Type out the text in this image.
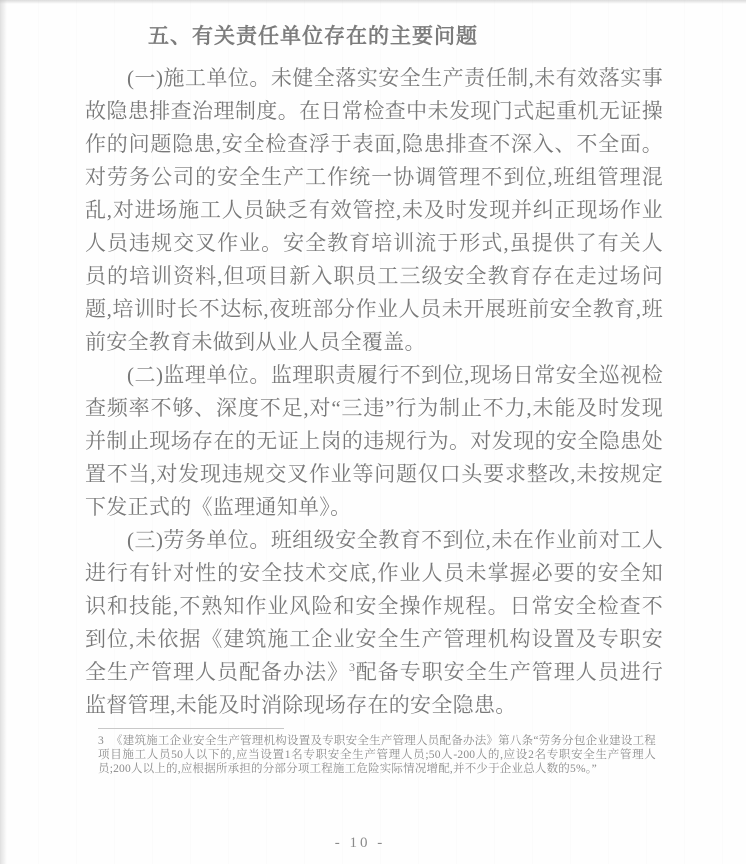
五、有关责任单位存在的主要问题

(一)施工单位。未健全落实安全生产责任制,未有效落实事故隐患排查治理制度。在日常检查中未发现门式起重机无证操作的问题隐患,安全检查浮于表面,隐患排查不深入、不全面。对劳务公司的安全生产工作统一协调管理不到位,班组管理混乱,对进场施工人员缺乏有效管控,未及时发现并纠正现场作业人员违规交叉作业。安全教育培训流于形式,虽提供了有关人员的培训资料,但项目新入职员工三级安全教育存在走过场问题,培训时长不达标,夜班部分作业人员未开展班前安全教育,班前安全教育未做到从业人员全覆盖。

(二)监理单位。监理职责履行不到位,现场日常安全巡视检查频率不够、深度不足,对“三违”行为制止不力,未能及时发现并制止现场存在的无证上岗的违规行为。对发现的安全隐患处置不当,对发现违规交叉作业等问题仅口头要求整改,未按规定下发正式的《监理通知单》。

(三)劳务单位。班组级安全教育不到位,未在作业前对工人进行有针对性的安全技术交底,作业人员未掌握必要的安全知识和技能,不熟知作业风险和安全操作规程。日常安全检查不到位,未依据《建筑施工企业安全生产管理机构设置及专职安全生产管理人员配备办法》$^3$配备专职安全生产管理人员进行监督管理,未能及时消除现场存在的安全隐患。

3 《建筑施工企业安全生产管理机构设置及专职安全生产管理人员配备办法》第八条“劳务分包企业建设工程项目施工人员50人以下的,应当设置1名专职安全生产管理人员;50人-200人的,应设2名专职安全生产管理人员;200人以上的,应根据所承担的分部分项工程施工危险实际情况增配,并不少于企业总人数的5%。”

- 10 -
